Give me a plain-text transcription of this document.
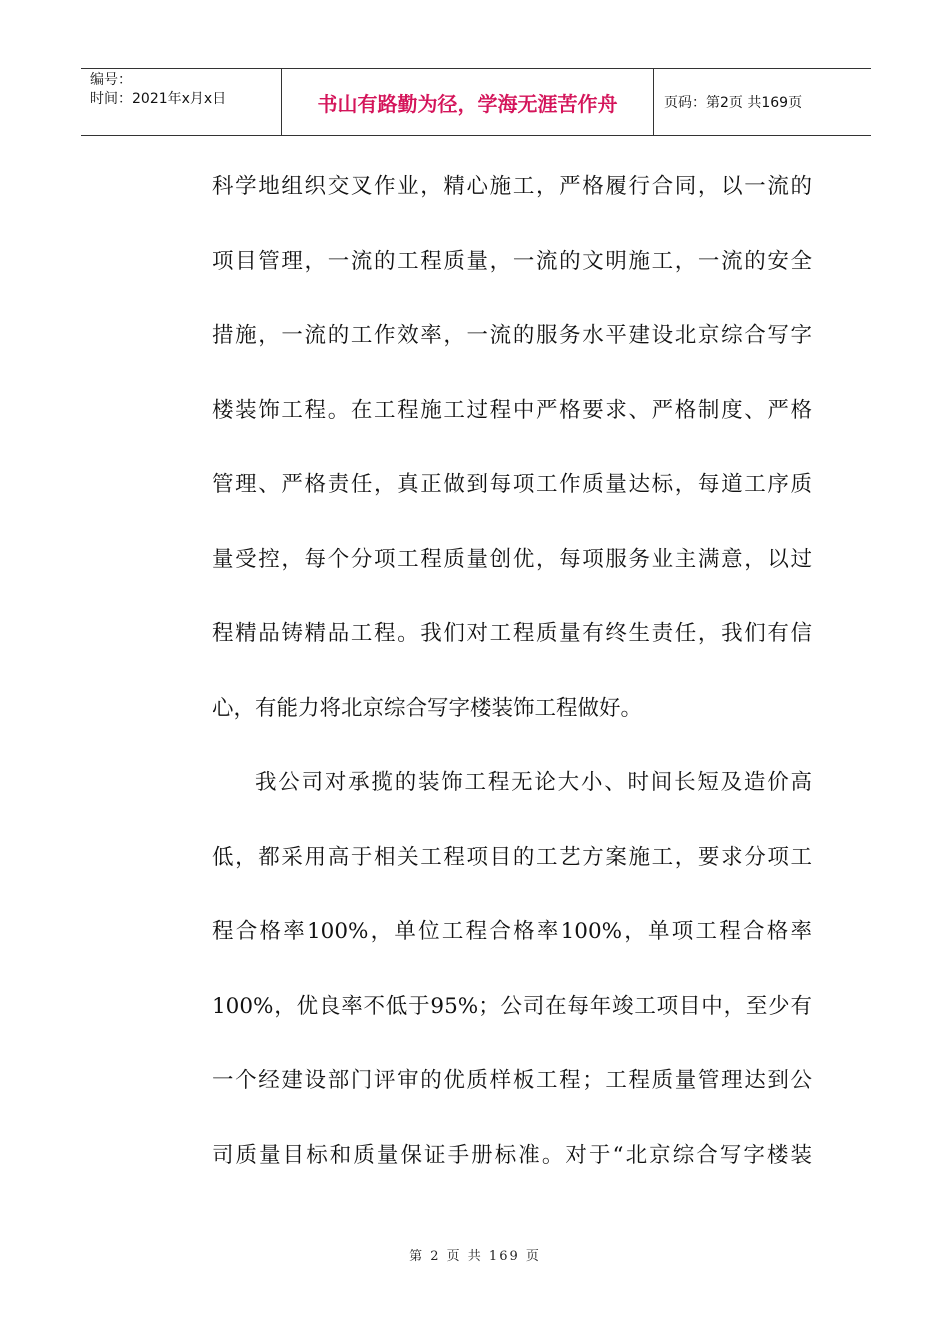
编号：
时间：2021年x月x日	书山有路勤为径，学海无涯苦作舟	页码：第2页 共169页
科学地组织交叉作业，精心施工，严格履行合同，以一流的
项目管理，一流的工程质量，一流的文明施工，一流的安全
措施，一流的工作效率，一流的服务水平建设北京综合写字
楼装饰工程。在工程施工过程中严格要求、严格制度、严格
管理、严格责任，真正做到每项工作质量达标，每道工序质
量受控，每个分项工程质量创优，每项服务业主满意，以过
程精品铸精品工程。我们对工程质量有终生责任，我们有信
心，有能力将北京综合写字楼装饰工程做好。
我公司对承揽的装饰工程无论大小、时间长短及造价高
低，都采用高于相关工程项目的工艺方案施工，要求分项工
程合格率100%，单位工程合格率100%，单项工程合格率
100%，优良率不低于95%；公司在每年竣工项目中，至少有
一个经建设部门评审的优质样板工程；工程质量管理达到公
司质量目标和质量保证手册标准。对于“北京综合写字楼装
第 2 页 共 169 页
